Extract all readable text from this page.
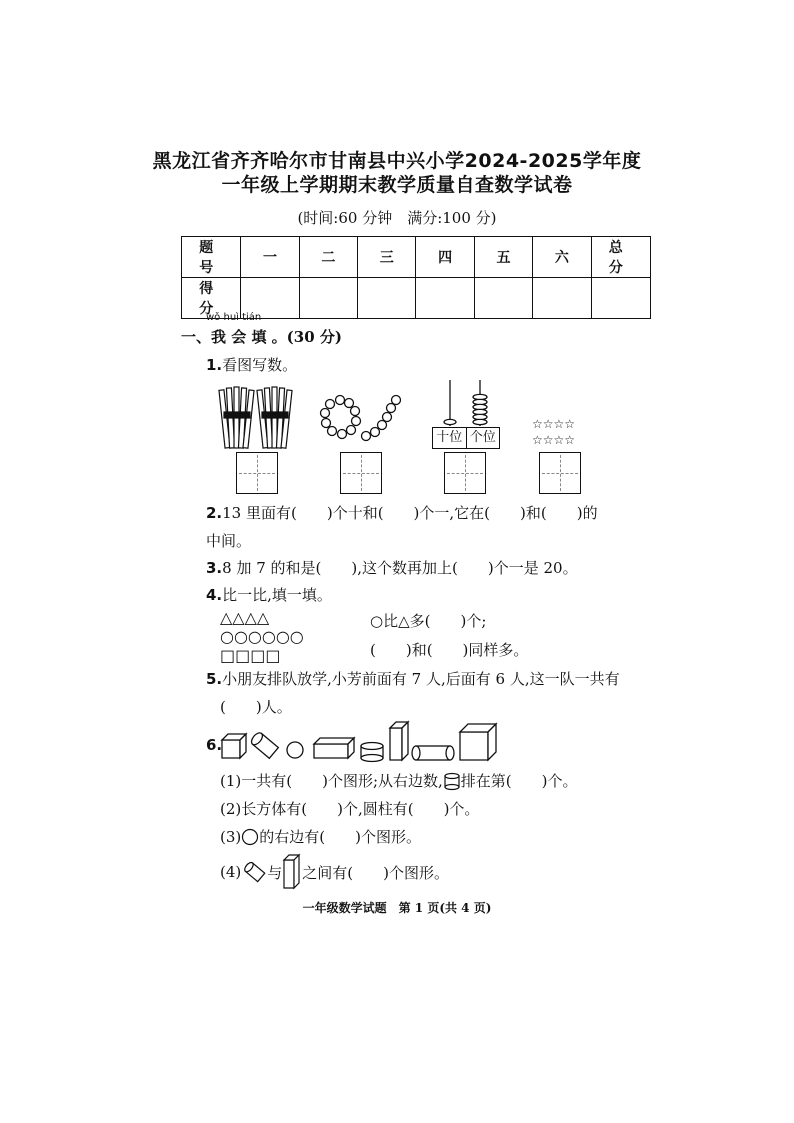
黑龙江省齐齐哈尔市甘南县中兴小学2024-2025学年度
一年级上学期期末教学质量自查数学试卷
(时间:60 分钟　满分:100 分)
题　号	一	二	三	四	五	六	总　分
得　分							
wǒ huì tián
一、我 会 填 。(30 分)
1.看图写数。
十位 个位
☆☆☆☆
☆☆☆☆
2.13 里面有(　　)个十和(　　)个一,它在(　　)和(　　)的
中间。
3.8 加 7 的和是(　　),这个数再加上(　　)个一是 20。
4.比一比,填一填。
△△△△
○○○○○○
□□□□
○比△多(　　)个;
(　　)和(　　)同样多。
5.小朋友排队放学,小芳前面有 7 人,后面有 6 人,这一队一共有
(　　)人。
6.
(1)一共有(　　)个图形;从右边数, 排在第(　　)个。
(2)长方体有(　　)个,圆柱有(　　)个。
(3) 的右边有(　　)个图形。
(4) 与 之间有(　　)个图形。
一年级数学试题　第 1 页(共 4 页)
